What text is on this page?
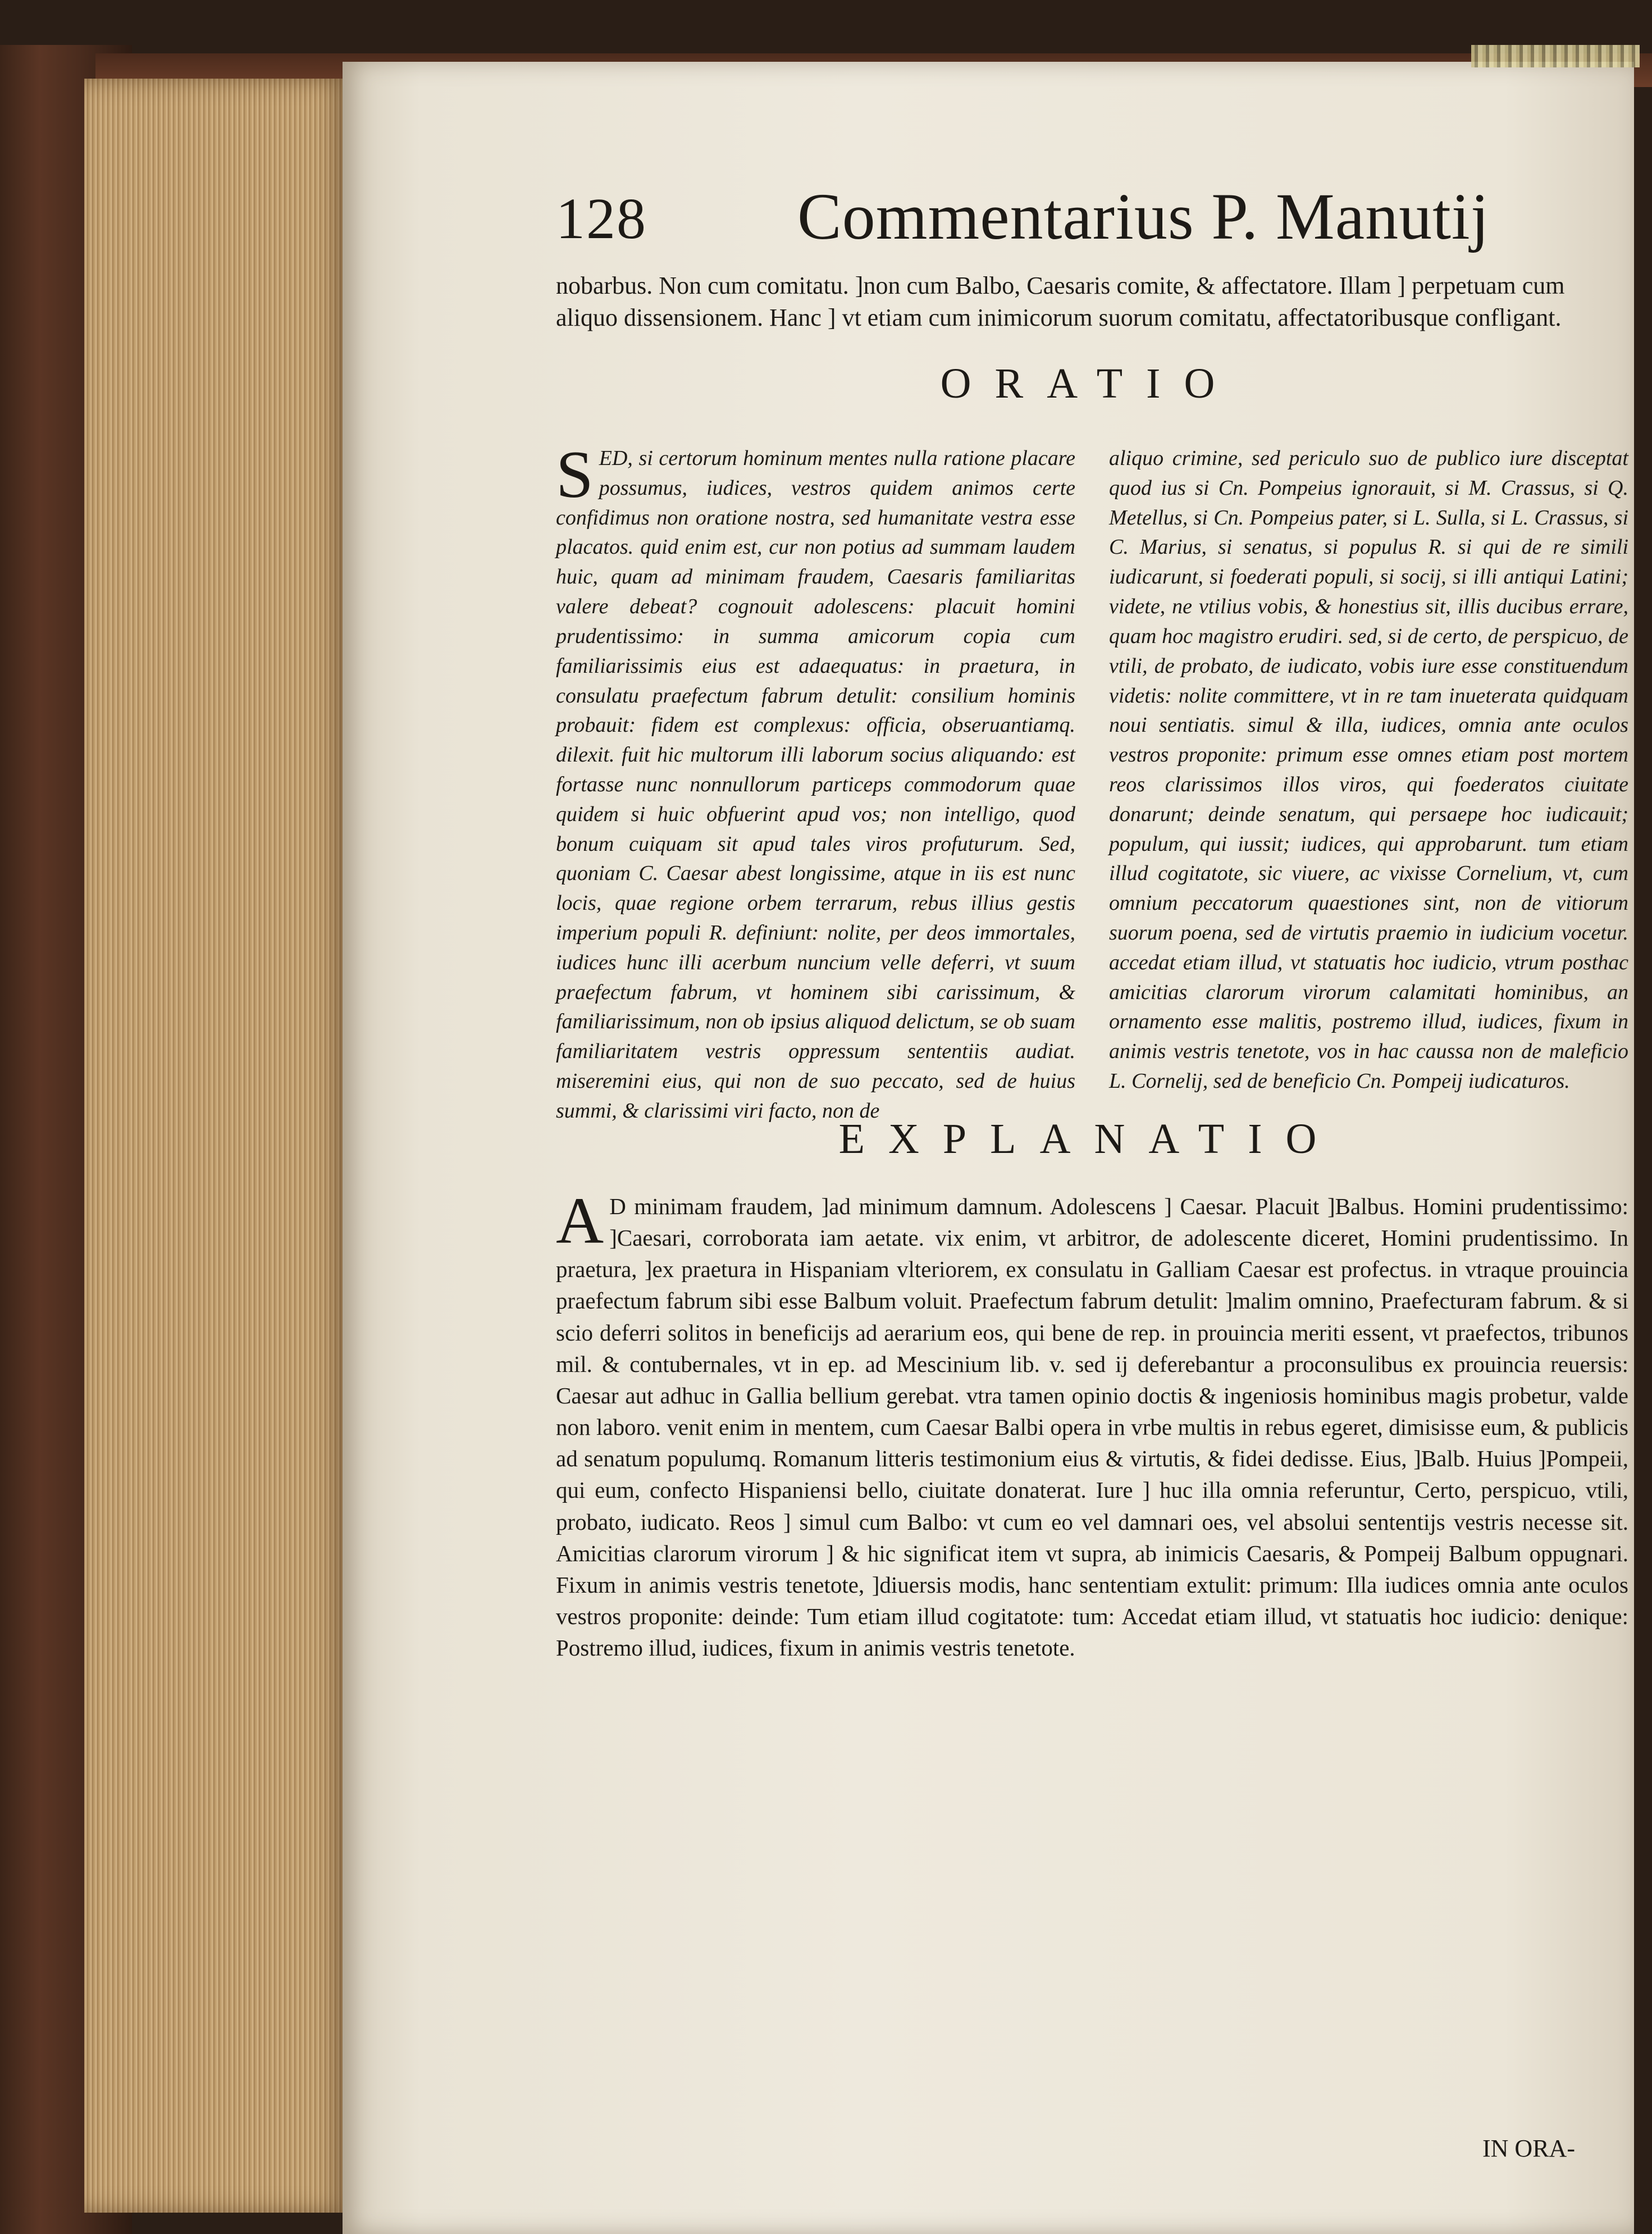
128 Commentarius P. Manutij
nobarbus. Non cum comitatu. ]non cum Balbo, Caesaris comite, & affectatore. Illam ] perpetuam cum aliquo dissensionem. Hanc ] vt etiam cum inimicorum suorum comitatu, affectatoribusque confligant.
ORATIO
S ED, si certorum hominum mentes nulla ratione placare possumus, iudices, vestros quidem animos certe confidimus non oratione nostra, sed humanitate vestra esse placatos. quid enim est, cur non potius ad summam laudem huic, quam ad minimam fraudem, Caesaris familiaritas valere debeat? cognouit adolescens: placuit homini prudentissimo: in summa amicorum copia cum familiarissimis eius est adaequatus: in praetura, in consulatu praefectum fabrum detulit: consilium hominis probauit: fidem est complexus: officia, obseruantiamq. dilexit. fuit hic multorum illi laborum socius aliquando: est fortasse nunc nonnullorum particeps commodorum quae quidem si huic obfuerint apud vos; non intelligo, quod bonum cuiquam sit apud tales viros profuturum. Sed, quoniam C. Caesar abest longissime, atque in iis est nunc locis, quae regione orbem terrarum, rebus illius gestis imperium populi R. definiunt: nolite, per deos immortales, iudices hunc illi acerbum nuncium velle deferri, vt suum praefectum fabrum, vt hominem sibi carissimum, & familiarissimum, non ob ipsius aliquod delictum, se ob suam familiaritatem vestris oppressum sententiis audiat. miseremini eius, qui non de suo peccato, sed de huius summi, & clarissimi viri facto, non de
aliquo crimine, sed periculo suo de publico iure disceptat quod ius si Cn. Pompeius ignorauit, si M. Crassus, si Q. Metellus, si Cn. Pompeius pater, si L. Sulla, si L. Crassus, si C. Marius, si senatus, si populus R. si qui de re simili iudicarunt, si foederati populi, si socij, si illi antiqui Latini; videte, ne vtilius vobis, & honestius sit, illis ducibus errare, quam hoc magistro erudiri. sed, si de certo, de perspicuo, de vtili, de probato, de iudicato, vobis iure esse constituendum videtis: nolite committere, vt in re tam inueterata quidquam noui sentiatis. simul & illa, iudices, omnia ante oculos vestros proponite: primum esse omnes etiam post mortem reos clarissimos illos viros, qui foederatos ciuitate donarunt; deinde senatum, qui persaepe hoc iudicauit; populum, qui iussit; iudices, qui approbarunt. tum etiam illud cogitatote, sic viuere, ac vixisse Cornelium, vt, cum omnium peccatorum quaestiones sint, non de vitiorum suorum poena, sed de virtutis praemio in iudicium vocetur. accedat etiam illud, vt statuatis hoc iudicio, vtrum posthac amicitias clarorum virorum calamitati hominibus, an ornamento esse malitis, postremo illud, iudices, fixum in animis vestris tenetote, vos in hac caussa non de maleficio L. Cornelij, sed de beneficio Cn. Pompeij iudicaturos.
EXPLANATIO
A D minimam fraudem, ]ad minimum damnum. Adolescens ] Caesar. Placuit ]Balbus. Homini prudentissimo: ]Caesari, corroborata iam aetate. vix enim, vt arbitror, de adolescente diceret, Homini prudentissimo. In praetura, ]ex praetura in Hispaniam vlteriorem, ex consulatu in Galliam Caesar est profectus. in vtraque prouincia praefectum fabrum sibi esse Balbum voluit. Praefectum fabrum detulit: ]malim omnino, Praefecturam fabrum. & si scio deferri solitos in beneficijs ad aerarium eos, qui bene de rep. in prouincia meriti essent, vt praefectos, tribunos mil. & contubernales, vt in ep. ad Mescinium lib. v. sed ij deferebantur a proconsulibus ex prouincia reuersis: Caesar aut adhuc in Gallia bellium gerebat. vtra tamen opinio doctis & ingeniosis hominibus magis probetur, valde non laboro. venit enim in mentem, cum Caesar Balbi opera in vrbe multis in rebus egeret, dimisisse eum, & publicis ad senatum populumq. Romanum litteris testimonium eius & virtutis, & fidei dedisse. Eius, ]Balb. Huius ]Pompeii, qui eum, confecto Hispaniensi bello, ciuitate donaterat. Iure ] huc illa omnia referuntur, Certo, perspicuo, vtili, probato, iudicato. Reos ] simul cum Balbo: vt cum eo vel damnari oes, vel absolui sententijs vestris necesse sit. Amicitias clarorum virorum ] & hic significat item vt supra, ab inimicis Caesaris, & Pompeij Balbum oppugnari. Fixum in animis vestris tenetote, ]diuersis modis, hanc sententiam extulit: primum: Illa iudices omnia ante oculos vestros proponite: deinde: Tum etiam illud cogitatote: tum: Accedat etiam illud, vt statuatis hoc iudicio: denique: Postremo illud, iudices, fixum in animis vestris tenetote.
IN ORA-
